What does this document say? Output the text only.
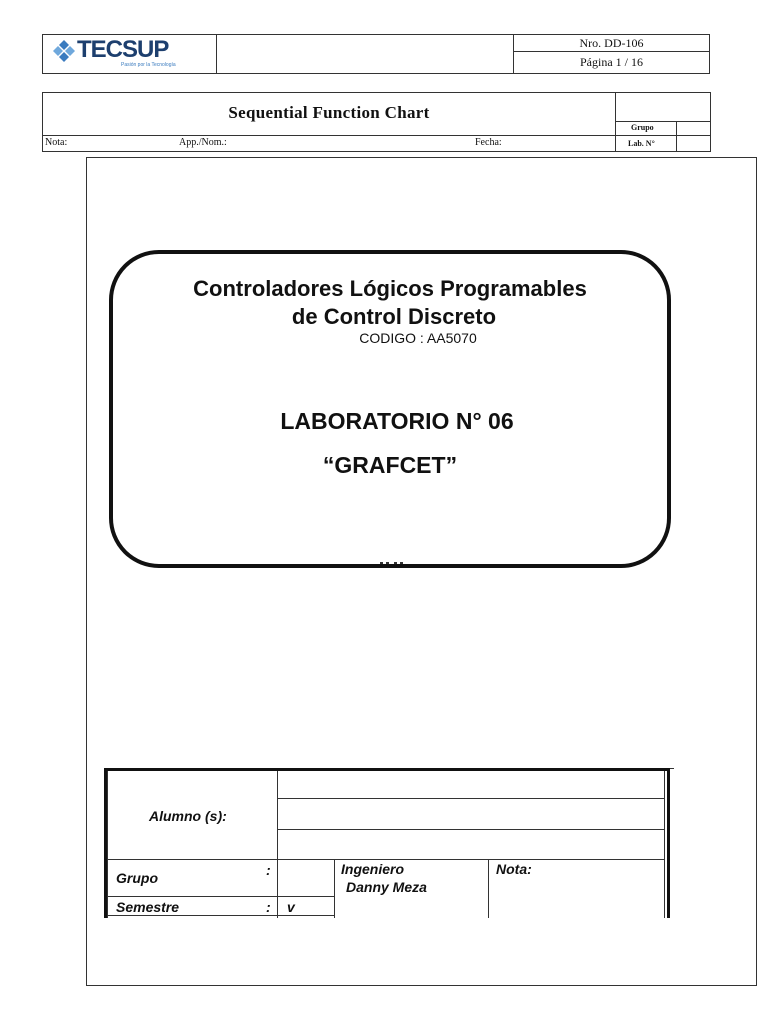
TECSUP
Pasión por la Tecnología
Nro. DD-106
Página 1 / 16
Sequential Function Chart
Nota:	App./Nom.:	Fecha:
Grupo
Lab. N°
Controladores Lógicos Programables
de Control Discreto
CODIGO : AA5070
LABORATORIO N° 06
“GRAFCET”
Alumno (s):
Grupo	:
Semestre	: v
Ingeniero
Danny Meza
Nota:
